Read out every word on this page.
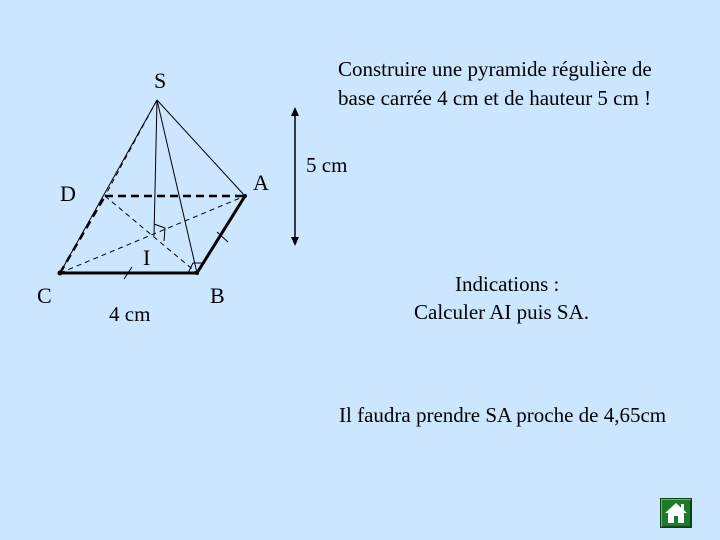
Construire une pyramide régulière de
base carrée 4 cm et de hauteur 5 cm !
S
A
D
I
C	B
5 cm
4 cm
Indications :
Calculer AI puis SA.
Il faudra prendre SA proche de 4,65cm
